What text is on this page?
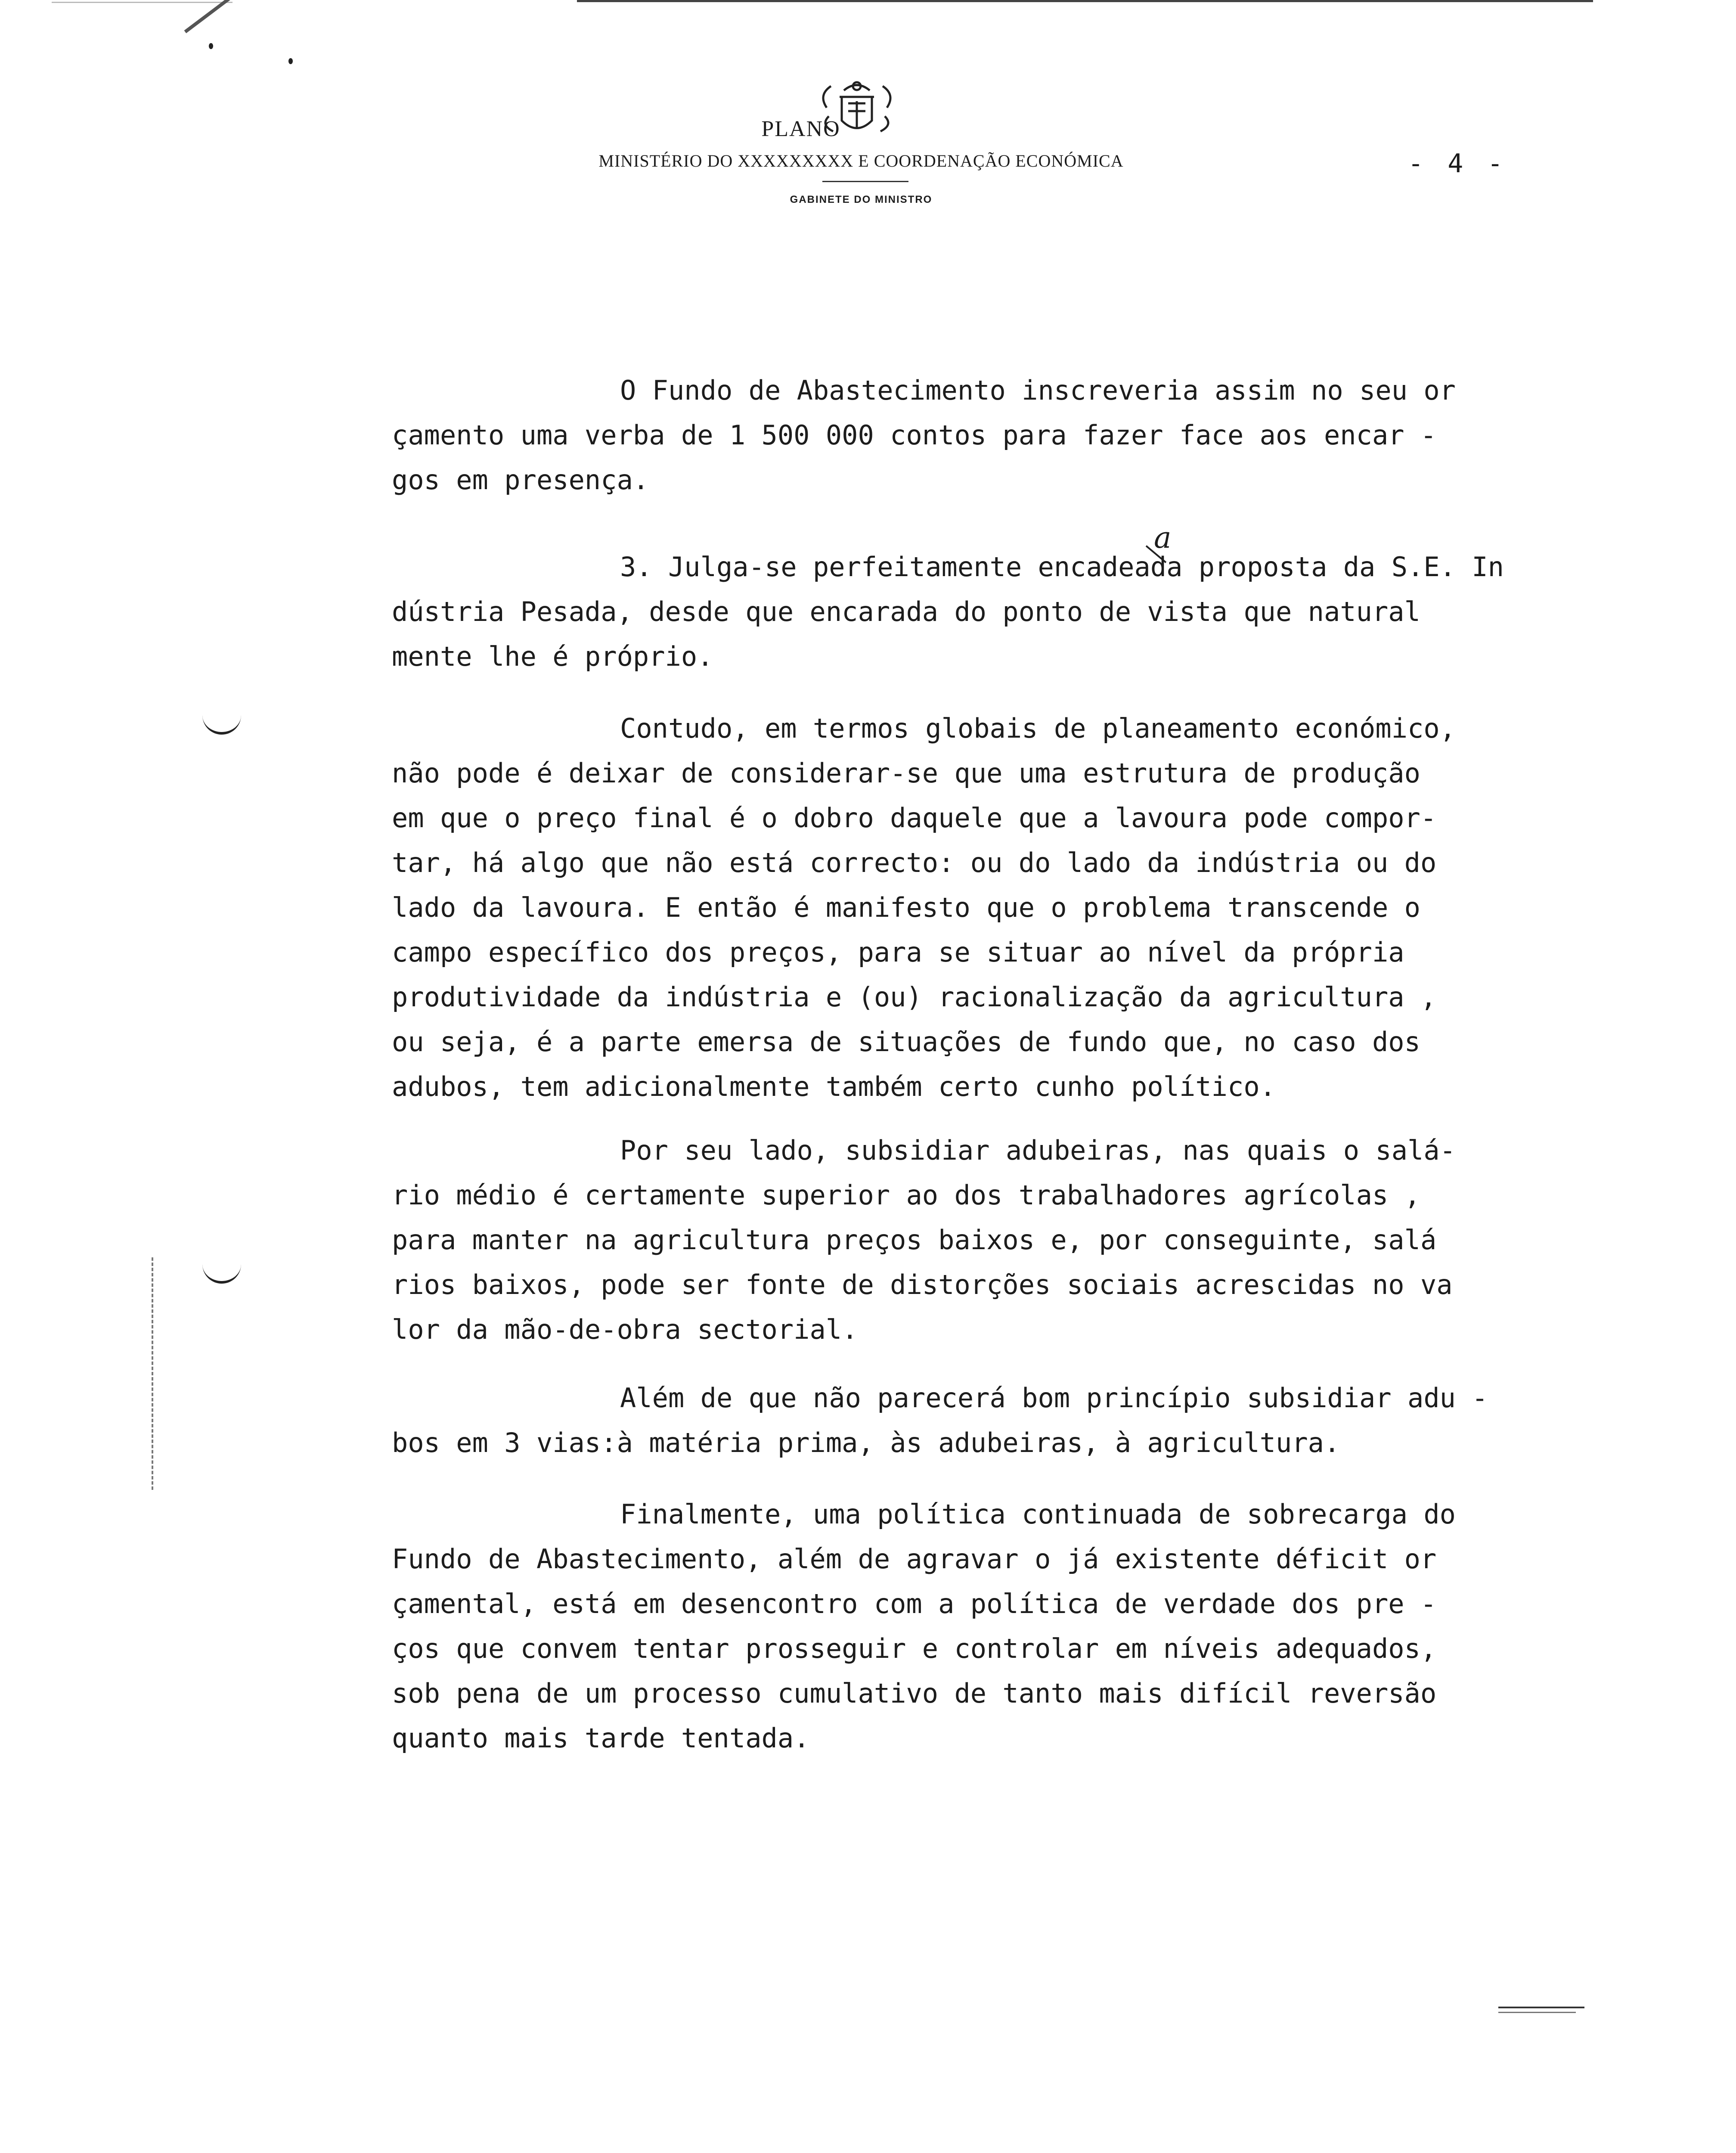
PLANO
MINISTÉRIO DO XXXXXXXXX E COORDENAÇÃO ECONÓMICA
GABINETE DO MINISTRO
- 4 -
a
O Fundo de Abastecimento inscreveria assim no seu or
çamento uma verba de 1 500 000 contos para fazer face aos encar -
gos em presença.
3. Julga-se perfeitamente encadeada proposta da S.E. In
dústria Pesada, desde que encarada do ponto de vista que natural
mente lhe é próprio.
Contudo, em termos globais de planeamento económico,
não pode é deixar de considerar-se que uma estrutura de produção
em que o preço final é o dobro daquele que a lavoura pode compor-
tar, há algo que não está correcto: ou do lado da indústria ou do
lado da lavoura. E então é manifesto que o problema transcende o
campo específico dos preços, para se situar ao nível da própria
produtividade da indústria e (ou) racionalização da agricultura ,
ou seja, é a parte emersa de situações de fundo que, no caso dos
adubos, tem adicionalmente também certo cunho político.
Por seu lado, subsidiar adubeiras, nas quais o salá-
rio médio é certamente superior ao dos trabalhadores agrícolas ,
para manter na agricultura preços baixos e, por conseguinte, salá
rios baixos, pode ser fonte de distorções sociais acrescidas no va
lor da mão-de-obra sectorial.
Além de que não parecerá bom princípio subsidiar adu -
bos em 3 vias:à matéria prima, às adubeiras, à agricultura.
Finalmente, uma política continuada de sobrecarga do
Fundo de Abastecimento, além de agravar o já existente déficit or
çamental, está em desencontro com a política de verdade dos pre -
ços que convem tentar prosseguir e controlar em níveis adequados,
sob pena de um processo cumulativo de tanto mais difícil reversão
quanto mais tarde tentada.
